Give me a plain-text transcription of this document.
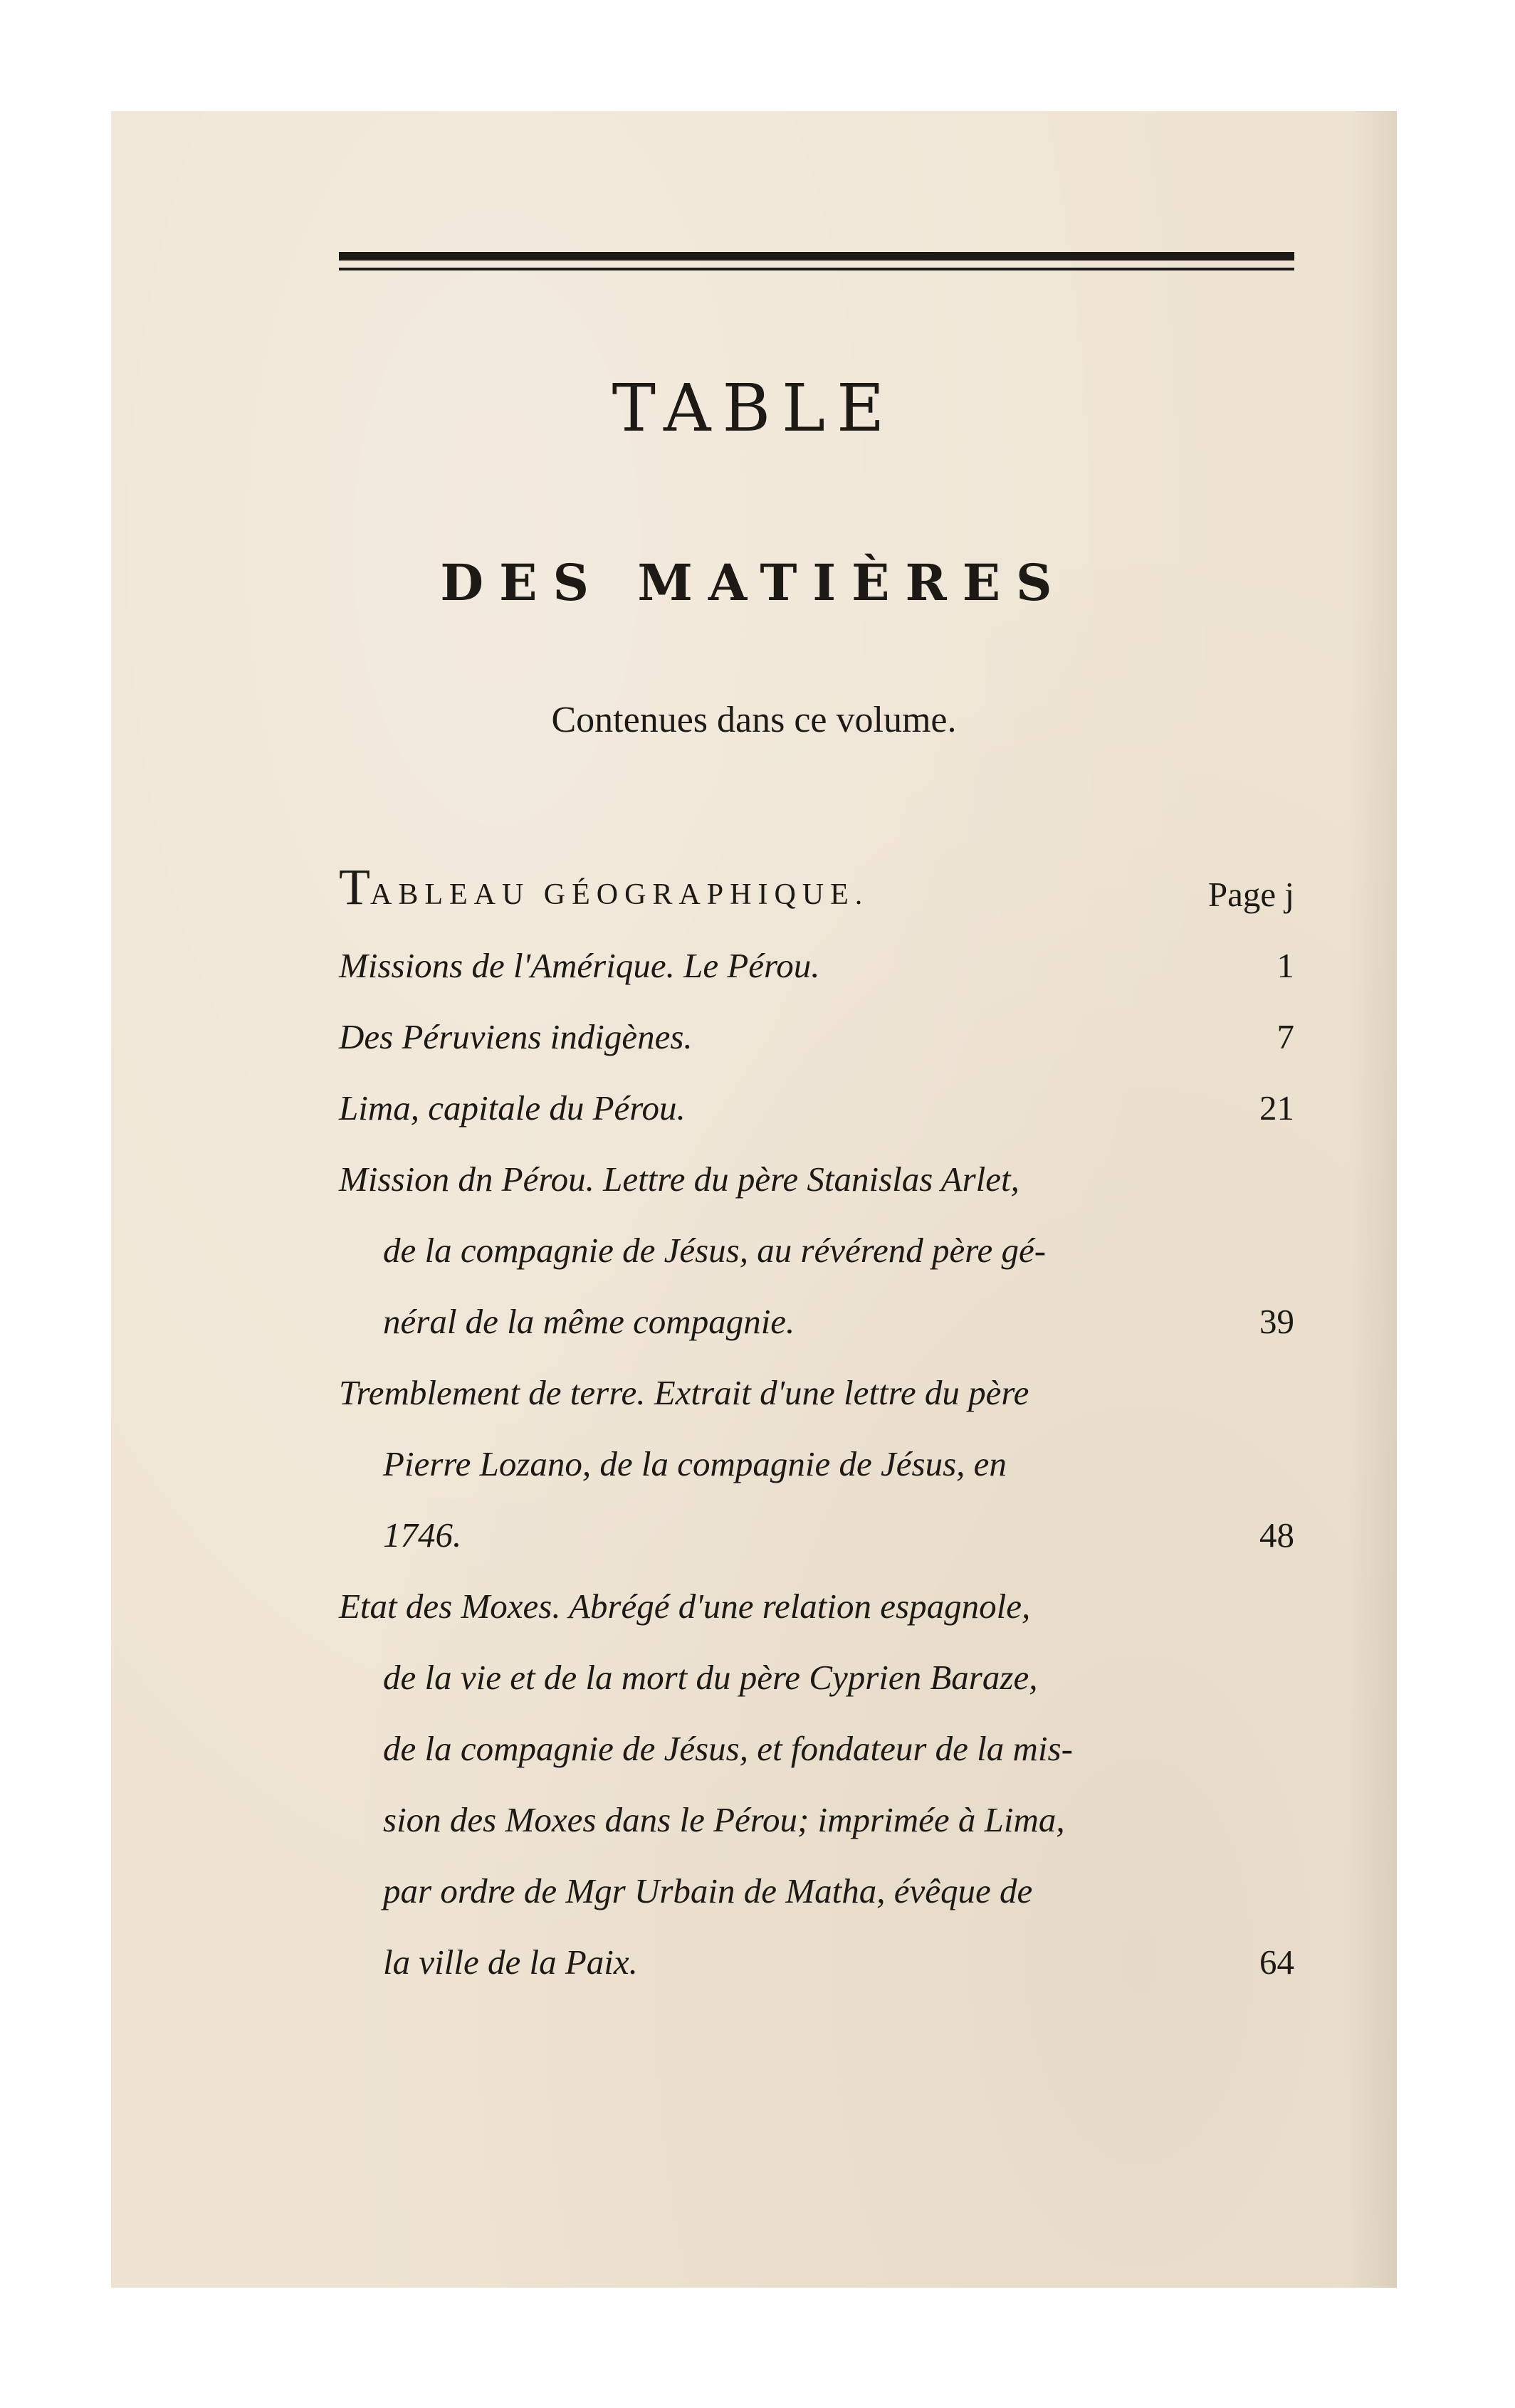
TABLE
DES MATIÈRES

Contenues dans ce volume.

TABLEAU GÉOGRAPHIQUE.	Page j
Missions de l'Amérique. Le Pérou.	1
Des Péruviens indigènes.	7
Lima, capitale du Pérou.	21
Mission dn Pérou. Lettre du père Stanislas Arlet,
de la compagnie de Jésus, au révérend père gé-
néral de la même compagnie.	39
Tremblement de terre. Extrait d'une lettre du père
Pierre Lozano, de la compagnie de Jésus, en
1746.	48
Etat des Moxes. Abrégé d'une relation espagnole,
de la vie et de la mort du père Cyprien Baraze,
de la compagnie de Jésus, et fondateur de la mis-
sion des Moxes dans le Pérou; imprimée à Lima,
par ordre de Mgr Urbain de Matha, évêque de
la ville de la Paix.	64
